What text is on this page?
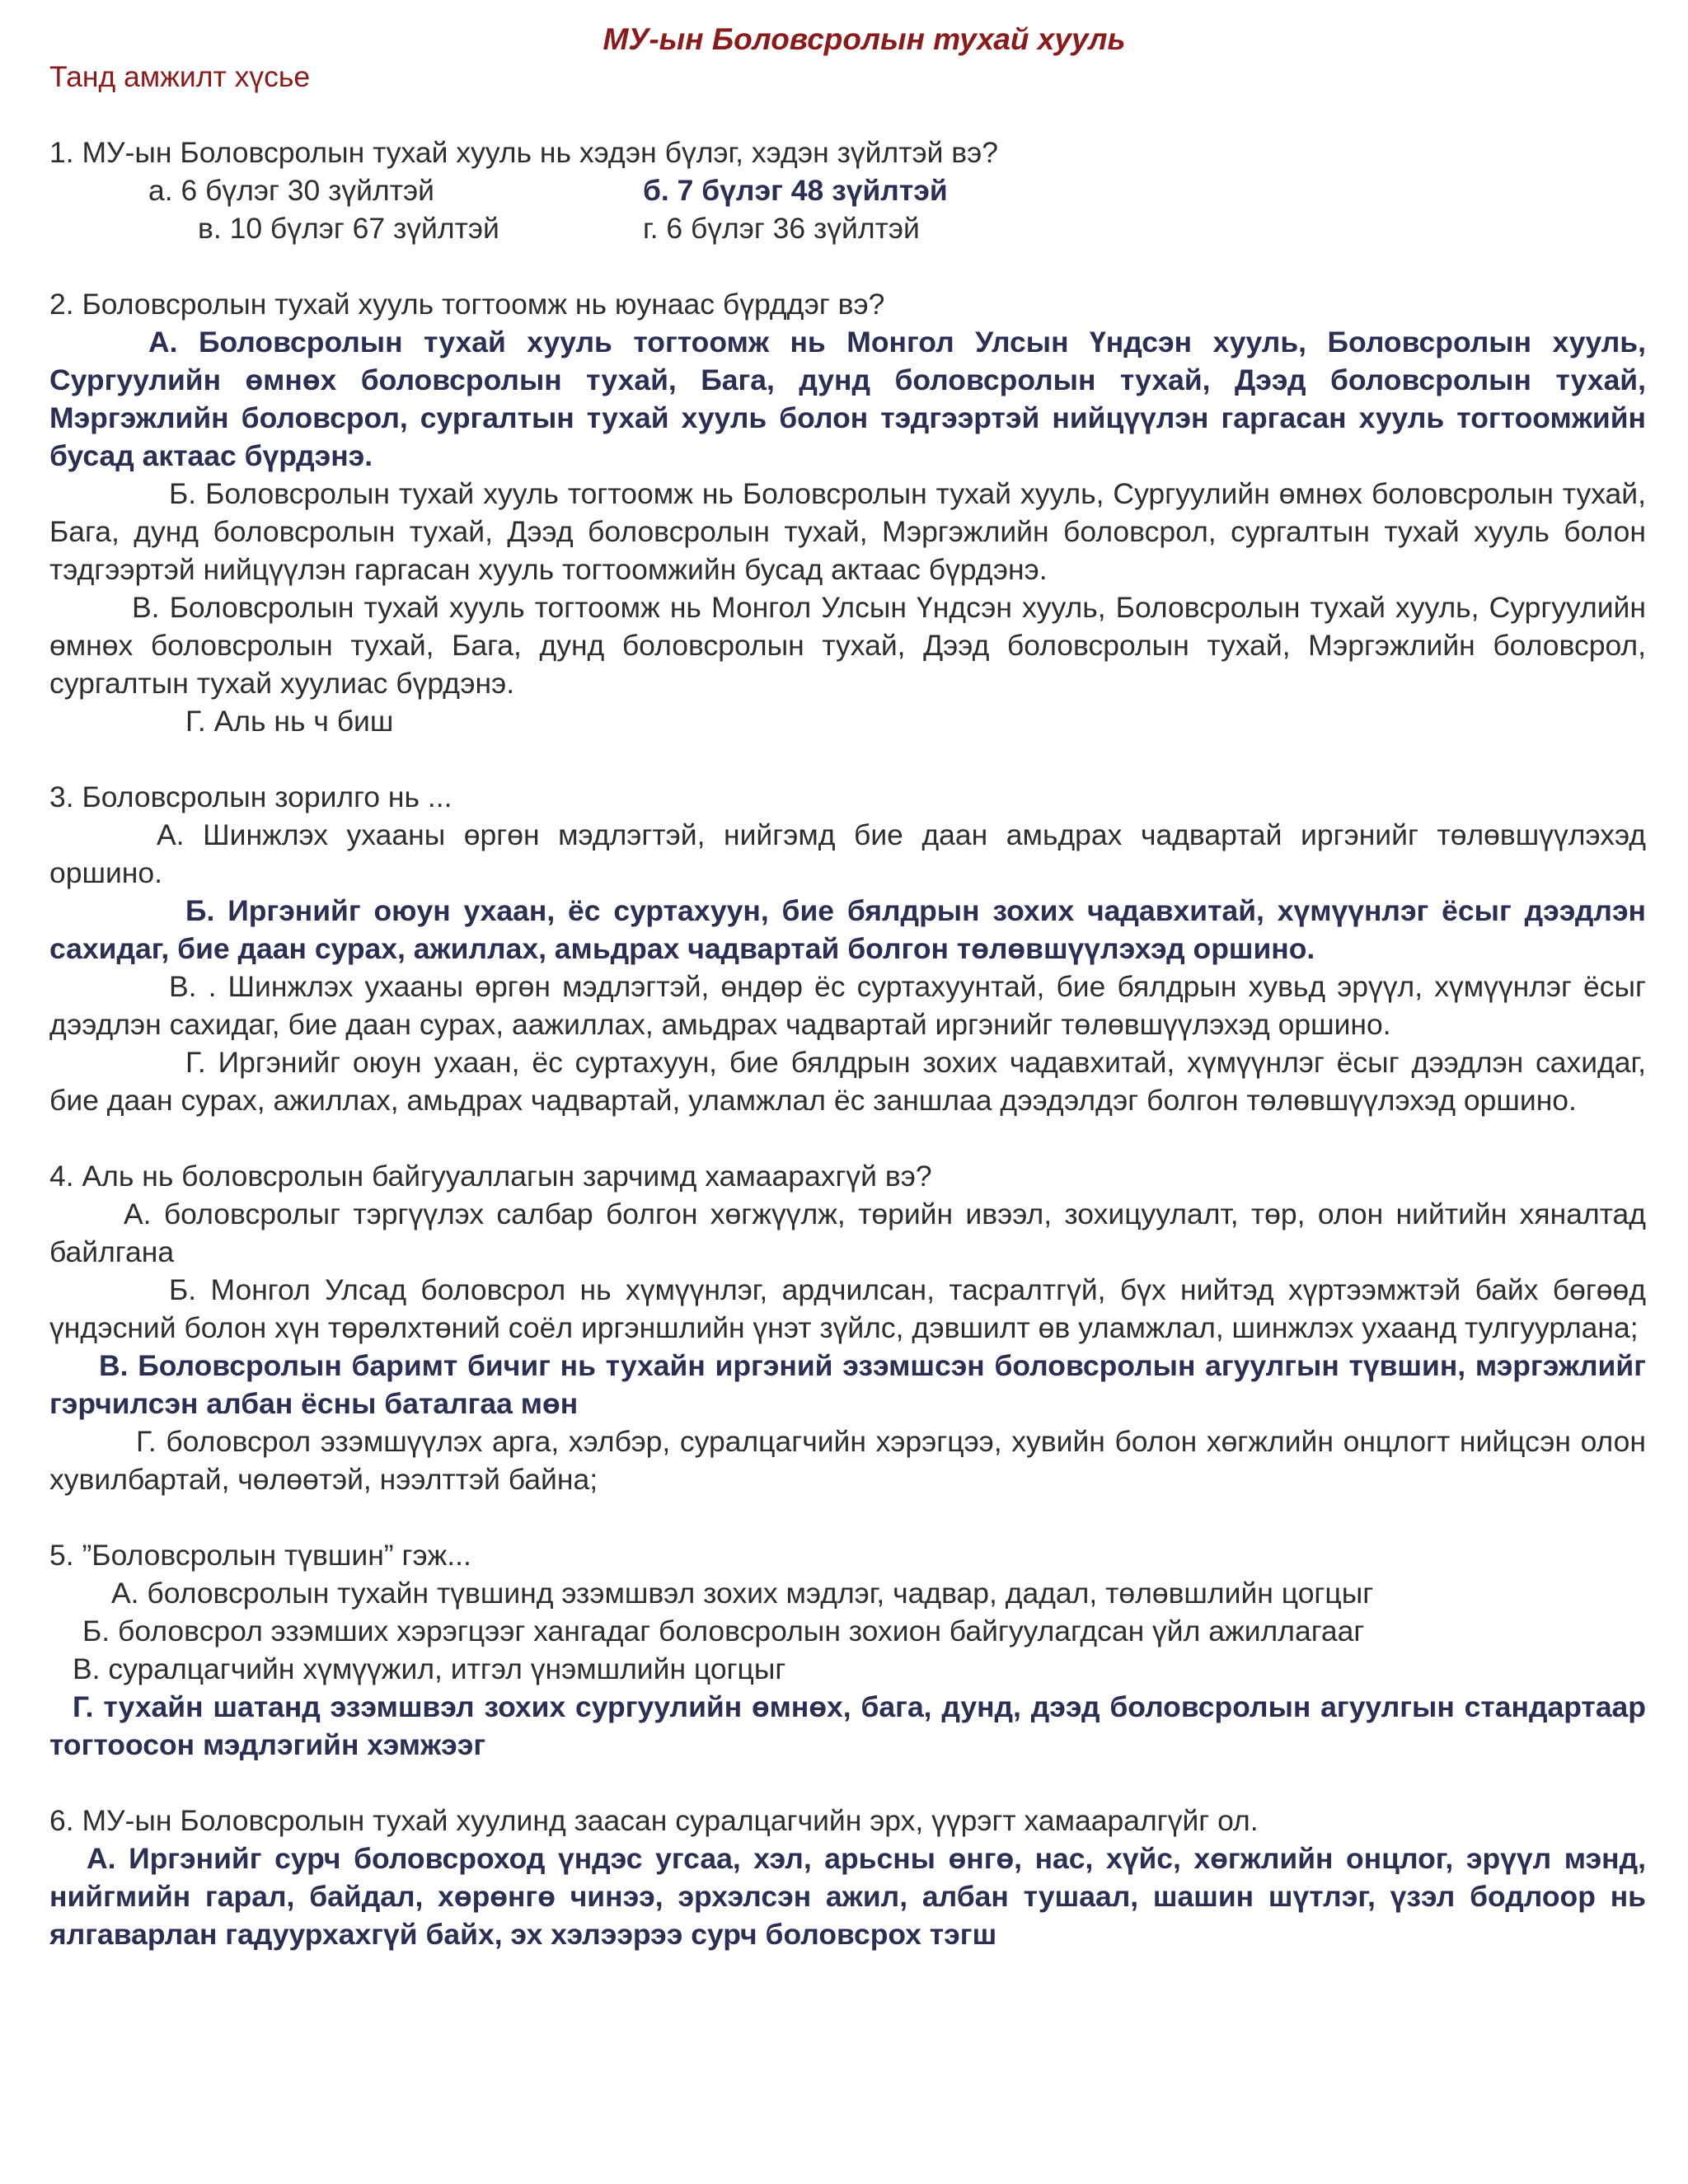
МУ-ын Боловсролын тухай хууль

Танд амжилт хүсье

1. МУ-ын Боловсролын тухай хууль нь хэдэн бүлэг, хэдэн зүйлтэй вэ?

а. 6 бүлэг 30 зүйлтэй	б. 7 бүлэг 48 зүйлтэй
в. 10 бүлэг 67 зүйлтэй	г. 6 бүлэг 36 зүйлтэй

2. Боловсролын тухай хууль тогтоомж нь юунаас бүрддэг вэ?

А. Боловсролын тухай хууль тогтоомж нь Монгол Улсын Үндсэн хууль, Боловсролын хууль, Сургуулийн өмнөх боловсролын тухай, Бага, дунд боловсролын тухай, Дээд боловсролын тухай, Мэргэжлийн боловсрол, сургалтын тухай хууль болон тэдгээртэй нийцүүлэн гаргасан хууль тогтоомжийн бусад актаас бүрдэнэ.

Б. Боловсролын тухай хууль тогтоомж нь Боловсролын тухай хууль, Сургуулийн өмнөх боловсролын тухай, Бага, дунд боловсролын тухай, Дээд боловсролын тухай, Мэргэжлийн боловсрол, сургалтын тухай хууль болон тэдгээртэй нийцүүлэн гаргасан хууль тогтоомжийн бусад актаас бүрдэнэ.

В. Боловсролын тухай хууль тогтоомж нь Монгол Улсын Үндсэн хууль, Боловсролын тухай хууль, Сургуулийн өмнөх боловсролын тухай, Бага, дунд боловсролын тухай, Дээд боловсролын тухай, Мэргэжлийн боловсрол, сургалтын тухай хуулиас бүрдэнэ.

Г. Аль нь ч биш

3. Боловсролын зорилго нь ...

А. Шинжлэх ухааны өргөн мэдлэгтэй, нийгэмд бие даан амьдрах чадвартай иргэнийг төлөвшүүлэхэд оршино.

Б. Иргэнийг оюун ухаан, ёс суртахуун, бие бялдрын зохих чадавхитай, хүмүүнлэг ёсыг дээдлэн сахидаг, бие даан сурах, ажиллах, амьдрах чадвартай болгон төлөвшүүлэхэд оршино.

В. . Шинжлэх ухааны өргөн мэдлэгтэй, өндөр ёс суртахуунтай, бие бялдрын хувьд эрүүл, хүмүүнлэг ёсыг дээдлэн сахидаг, бие даан сурах, аажиллах, амьдрах чадвартай иргэнийг төлөвшүүлэхэд оршино.

Г. Иргэнийг оюун ухаан, ёс суртахуун, бие бялдрын зохих чадавхитай, хүмүүнлэг ёсыг дээдлэн сахидаг, бие даан сурах, ажиллах, амьдрах чадвартай, уламжлал ёс заншлаа дээдэлдэг болгон төлөвшүүлэхэд оршино.

4. Аль нь боловсролын байгууаллагын зарчимд хамаарахгүй вэ?

А. боловсролыг тэргүүлэх салбар болгон хөгжүүлж, төрийн ивээл, зохицуулалт, төр, олон нийтийн хяналтад байлгана

Б. Монгол Улсад боловсрол нь хүмүүнлэг, ардчилсан, тасралтгүй, бүх нийтэд хүртээмжтэй байх бөгөөд үндэсний болон хүн төрөлхтөний соёл иргэншлийн үнэт зүйлс, дэвшилт өв уламжлал, шинжлэх ухаанд тулгуурлана;

В. Боловсролын баримт бичиг нь тухайн иргэний эзэмшсэн боловсролын агуулгын түвшин, мэргэжлийг гэрчилсэн албан ёсны баталгаа мөн

Г. боловсрол эзэмшүүлэх арга, хэлбэр, суралцагчийн хэрэгцээ, хувийн болон хөгжлийн онцлогт нийцсэн олон хувилбартай, чөлөөтэй, нээлттэй байна;

5. ”Боловсролын түвшин” гэж...

А. боловсролын тухайн түвшинд эзэмшвэл зохих мэдлэг, чадвар, дадал, төлөвшлийн цогцыг

Б. боловсрол эзэмших хэрэгцээг хангадаг боловсролын зохион байгуулагдсан үйл ажиллагааг

В. суралцагчийн хүмүүжил, итгэл үнэмшлийн цогцыг

Г. тухайн шатанд эзэмшвэл зохих сургуулийн өмнөх, бага, дунд, дээд боловсролын агуулгын стандартаар тогтоосон мэдлэгийн хэмжээг

6. МУ-ын Боловсролын тухай хуулинд заасан суралцагчийн эрх, үүрэгт хамааралгүйг ол.

А. Иргэнийг сурч боловсроход үндэс угсаа, хэл, арьсны өнгө, нас, хүйс, хөгжлийн онцлог, эрүүл мэнд, нийгмийн гарал, байдал, хөрөнгө чинээ, эрхэлсэн ажил, албан тушаал, шашин шүтлэг, үзэл бодлоор нь ялгаварлан гадуурхахгүй байх, эх хэлээрээ сурч боловсрох тэгш
